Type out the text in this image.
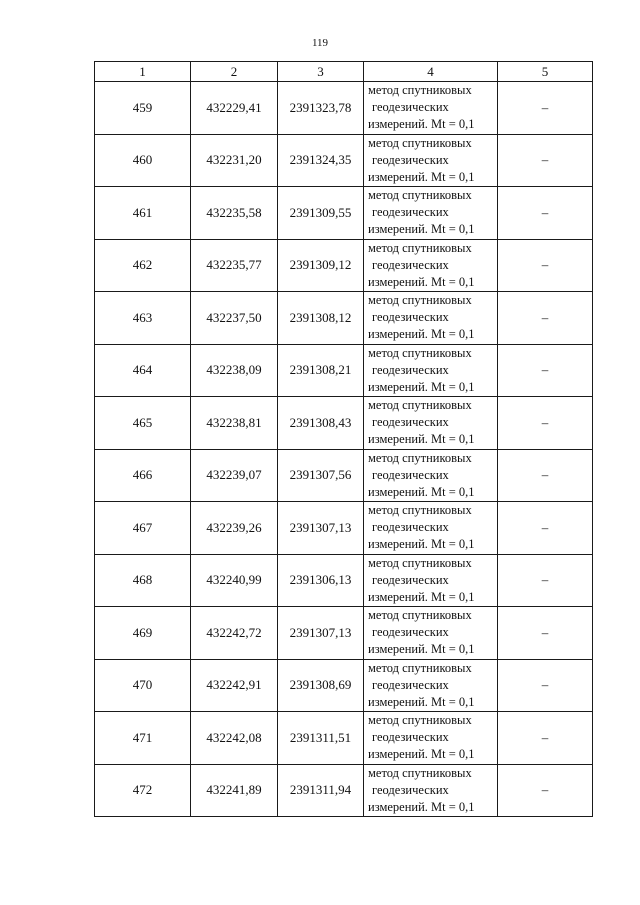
119
1	2	3	4	5
459	432229,41	2391323,78	метод спутниковых
геодезических
измерений. Mt = 0,1	–
460	432231,20	2391324,35	метод спутниковых
геодезических
измерений. Mt = 0,1	–
461	432235,58	2391309,55	метод спутниковых
геодезических
измерений. Mt = 0,1	–
462	432235,77	2391309,12	метод спутниковых
геодезических
измерений. Mt = 0,1	–
463	432237,50	2391308,12	метод спутниковых
геодезических
измерений. Mt = 0,1	–
464	432238,09	2391308,21	метод спутниковых
геодезических
измерений. Mt = 0,1	–
465	432238,81	2391308,43	метод спутниковых
геодезических
измерений. Mt = 0,1	–
466	432239,07	2391307,56	метод спутниковых
геодезических
измерений. Mt = 0,1	–
467	432239,26	2391307,13	метод спутниковых
геодезических
измерений. Mt = 0,1	–
468	432240,99	2391306,13	метод спутниковых
геодезических
измерений. Mt = 0,1	–
469	432242,72	2391307,13	метод спутниковых
геодезических
измерений. Mt = 0,1	–
470	432242,91	2391308,69	метод спутниковых
геодезических
измерений. Mt = 0,1	–
471	432242,08	2391311,51	метод спутниковых
геодезических
измерений. Mt = 0,1	–
472	432241,89	2391311,94	метод спутниковых
геодезических
измерений. Mt = 0,1	–
